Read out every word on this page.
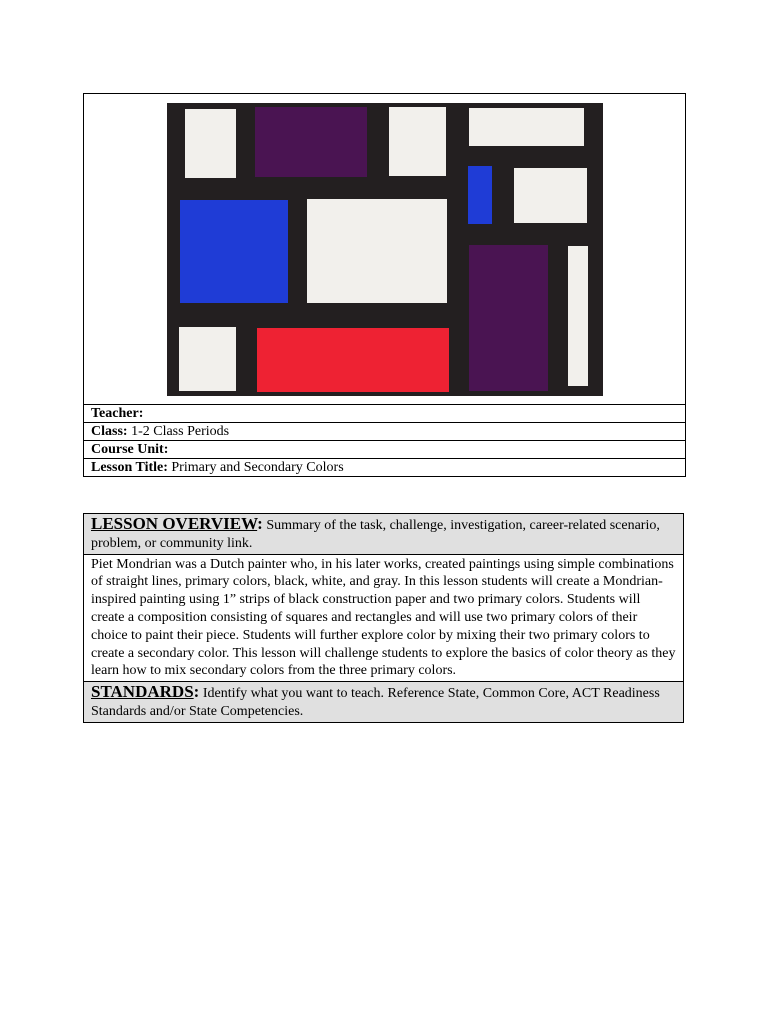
Teacher:
Class: 1-2 Class Periods
Course Unit:
Lesson Title: Primary and Secondary Colors
LESSON OVERVIEW: Summary of the task, challenge, investigation, career-related scenario, problem, or community link.
Piet Mondrian was a Dutch painter who, in his later works, created paintings using simple combinations of straight lines, primary colors, black, white, and gray. In this lesson students will create a Mondrian-inspired painting using 1” strips of black construction paper and two primary colors. Students will create a composition consisting of squares and rectangles and will use two primary colors of their choice to paint their piece. Students will further explore color by mixing their two primary colors to create a secondary color. This lesson will challenge students to explore the basics of color theory as they learn how to mix secondary colors from the three primary colors.
STANDARDS: Identify what you want to teach. Reference State, Common Core, ACT Readiness Standards and/or State Competencies.
